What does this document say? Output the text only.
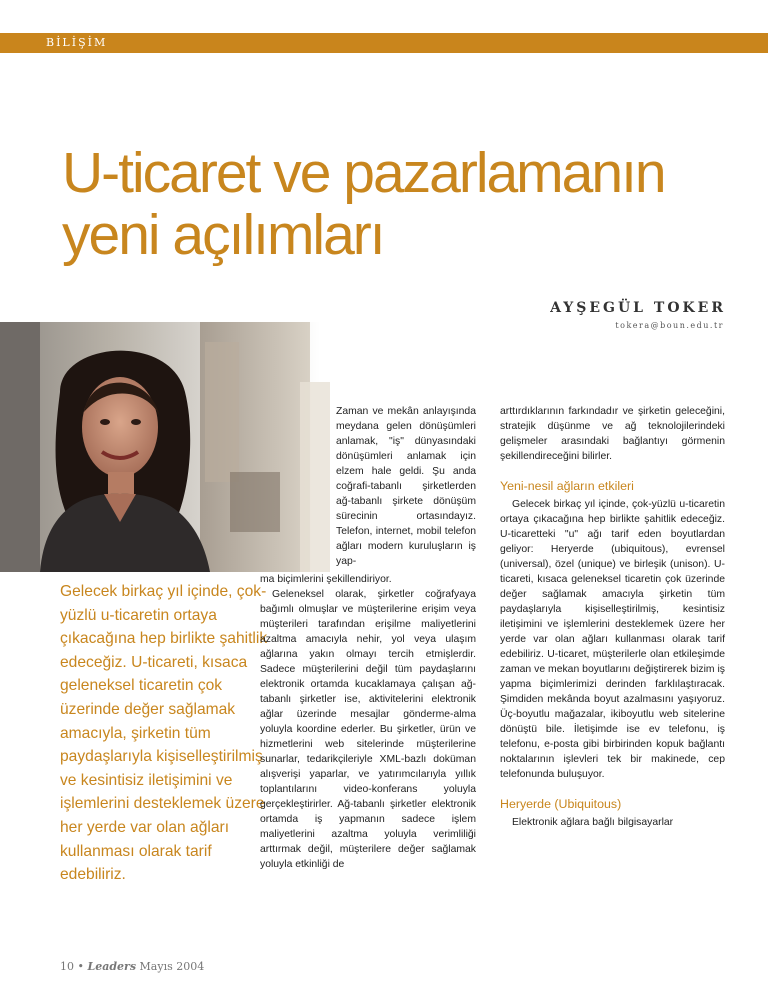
BİLİŞİM
U-ticaret ve pazarlamanın
yeni açılımları
AYŞEGÜL TOKER
tokera@boun.edu.tr
Gelecek birkaç yıl içinde, çok-yüzlü u-ticaretin ortaya çıkacağına hep birlikte şahitlik edeceğiz. U-ticareti, kısaca geleneksel ticaretin çok üzerinde değer sağlamak amacıyla, şirketin tüm paydaşlarıyla kişiselleştirilmiş ve kesintisiz iletişimini ve işlemlerini desteklemek üzere her yerde var olan ağları kullanması olarak tarif edebiliriz.

Zaman ve mekân anlayışında meydana gelen dönüşümleri anlamak, "iş" dünyasındaki dönüşümleri anlamak için elzem hale geldi. Şu anda coğrafi-tabanlı şirketlerden ağ-tabanlı şirkete dönüşüm sürecinin ortasındayız. Telefon, internet, mobil telefon ağları modern kuruluşların iş yap-

ma biçimlerini şekillendiriyor.

Geleneksel olarak, şirketler coğrafyaya bağımlı olmuşlar ve müşterilerine erişim veya müşterileri tarafından erişilme maliyetlerini azaltma amacıyla nehir, yol veya ulaşım ağlarına yakın olmayı tercih etmişlerdir. Sadece müşterilerini değil tüm paydaşlarını elektronik ortamda kucaklamaya çalışan ağ-tabanlı şirketler ise, aktivitelerini elektronik ağlar üzerinde mesajlar gönderme-alma yoluyla koordine ederler. Bu şirketler, ürün ve hizmetlerini web sitelerinde müşterilerine sunarlar, tedarikçileriyle XML-bazlı doküman alışverişi yaparlar, ve yatırımcılarıyla yıllık toplantılarını video-konferans yoluyla gerçekleştirirler. Ağ-tabanlı şirketler elektronik ortamda iş yapmanın sadece işlem maliyetlerini azaltma yoluyla verimliliği arttırmak değil, müşterilere değer sağlamak yoluyla etkinliği de

arttırdıklarının farkındadır ve şirketin geleceğini, stratejik düşünme ve ağ teknolojilerindeki gelişmeler arasındaki bağlantıyı görmenin şekillendireceğini bilirler.

Yeni-nesil ağların etkileri

Gelecek birkaç yıl içinde, çok-yüzlü u-ticaretin ortaya çıkacağına hep birlikte şahitlik edeceğiz. U-ticaretteki "u" ağı tarif eden boyutlardan geliyor: Heryerde (ubiquitous), evrensel (universal), özel (unique) ve birleşik (unison). U-ticareti, kısaca geleneksel ticaretin çok üzerinde değer sağlamak amacıyla şirketin tüm paydaşlarıyla kişiselleştirilmiş, kesintisiz iletişimini ve işlemlerini desteklemek üzere her yerde var olan ağları kullanması olarak tarif edebiliriz. U-ticaret, müşterilerle olan etkileşimde zaman ve mekan boyutlarını değiştirerek bizim iş yapma biçimlerimizi derinden farklılaştıracak. Şimdiden mekânda boyut azalmasını yaşıyoruz. Üç-boyutlu mağazalar, ikiboyutlu web sitelerine dönüştü bile. İletişimde ise ev telefonu, iş telefonu, e-posta gibi birbirinden kopuk bağlantı noktalarının işlevleri tek bir makinede, cep telefonunda buluşuyor.

Heryerde (Ubiquitous)

Elektronik ağlara bağlı bilgisayarlar

10 • Leaders Mayıs 2004
